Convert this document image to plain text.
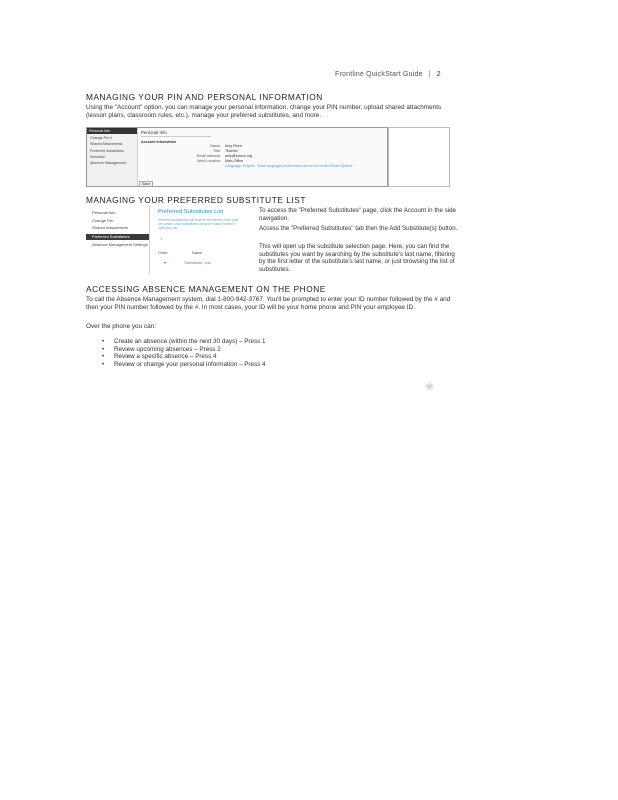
Frontline QuickStart Guide | 2
MANAGING YOUR PIN AND PERSONAL INFORMATION
Using the "Account" option, you can manage your personal information, change your PIN number, upload shared attachments (lesson plans, classroom rules, etc.), manage your preferred substitutes, and more.
Personal Info
Change Pin #
Shared Attachments
Preferred Substitutes
Schedule
Absence Management
Personal Info
Account Information
Name: Amy Reed
Title: Teacher
Email Address: amy@school.org
Work Location: Main Office
Language: English · Data language preferences can be set under Other Options
Save
MANAGING YOUR PREFERRED SUBSTITUTE LIST
Personal Info
Change Pin
Shared Attachments
Preferred Substitutes
Absence Management Settings
Preferred Substitutes List
Preferred substitutes will receive first priority when jobs are posted. Add substitutes using the button below to build your list.
+
Order	Name
♥	Substitute, Joe
To access the "Preferred Substitutes" page, click the Account in the side navigation.
Access the "Preferred Substitutes" tab then the Add Substitute(s) button.
This will open up the substitute selection page. Here, you can find the substitutes you want by searching by the substitute's last name, filtering by the first letter of the substitute's last name, or just browsing the list of substitutes.
ACCESSING ABSENCE MANAGEMENT ON THE PHONE
To call the Absence Management system, dial 1-800-942-3767. You'll be prompted to enter your ID number followed by the # and then your PIN number followed by the #. In most cases, your ID will be your home phone and PIN your employee ID.
Over the phone you can:
• Create an absence (within the next 30 days) – Press 1
• Review upcoming absences – Press 2
• Review a specific absence – Press 4
• Review or change your personal information – Press 4
❀
